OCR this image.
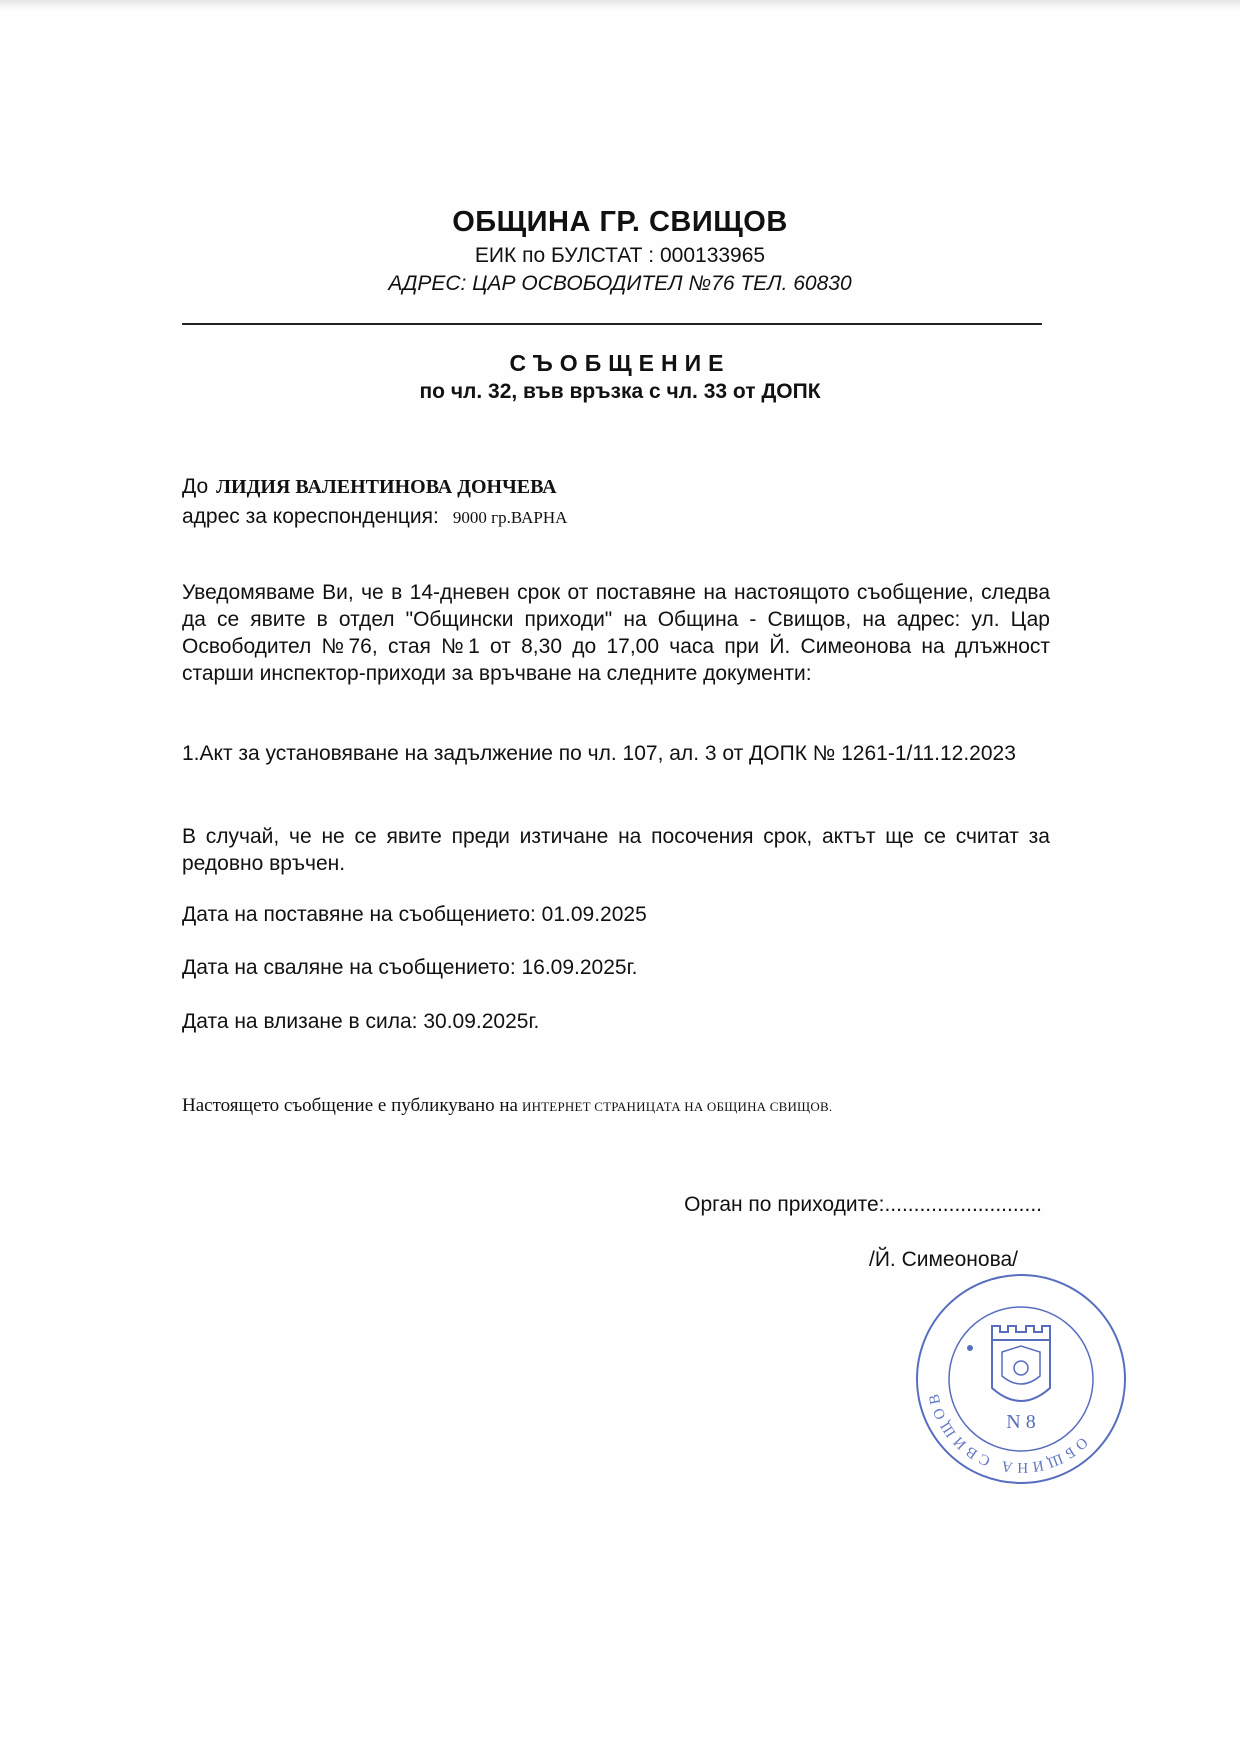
ОБЩИНА ГР. СВИЩОВ
ЕИК по БУЛСТАТ : 000133965
АДРЕС: ЦАР ОСВОБОДИТЕЛ №76 ТЕЛ. 60830
СЪОБЩЕНИЕ
по чл. 32, във връзка с чл. 33 от ДОПК
До ЛИДИЯ ВАЛЕНТИНОВА ДОНЧЕВА
адрес за кореспонденция: 9000 гр.ВАРНА

Уведомяваме Ви, че в 14-дневен срок от поставяне на настоящото съобщение, следва да се явите в отдел "Общински приходи" на Община - Свищов, на адрес: ул. Цар Освободител №76, стая №1 от 8,30 до 17,00 часа при Й. Симеонова на длъжност старши инспектор-приходи за връчване на следните документи:

1.Акт за установяване на задължение по чл. 107, ал. 3 от ДОПК № 1261-1/11.12.2023

В случай, че не се явите преди изтичане на посочения срок, актът ще се считат за редовно връчен.

Дата на поставяне на съобщението: 01.09.2025
Дата на сваляне на съобщението: 16.09.2025г.
Дата на влизане в сила: 30.09.2025г.
Настоящето съобщение е публикувано на ИНТЕРНЕТ СТРАНИЦАТА НА ОБЩИНА СВИЩОВ.
Орган по приходите:...........................
/Й. Симеонова/
ОБЩИНА СВИЩОВ
N 8
